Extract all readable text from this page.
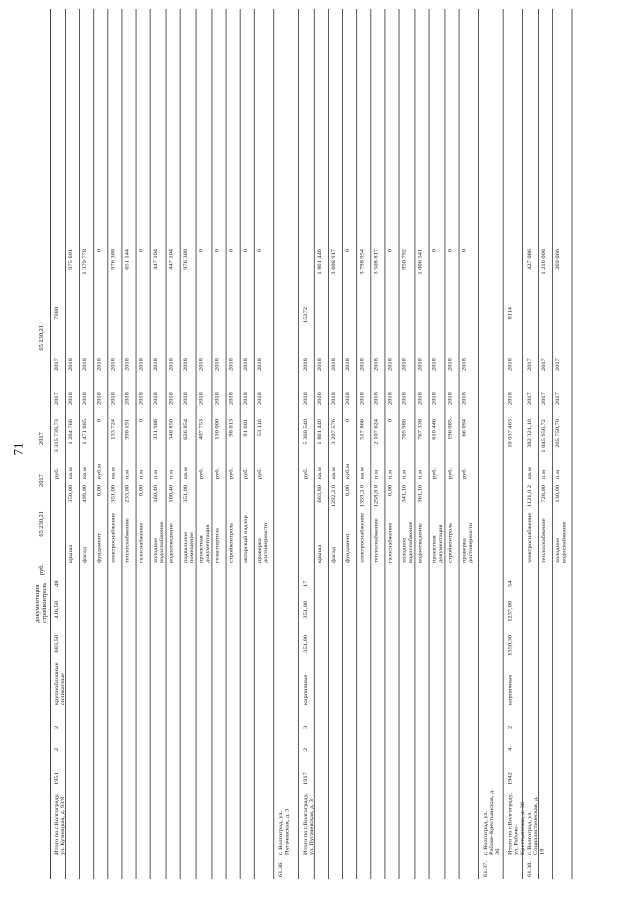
71
документация стройконтроль
руб.
65 230,21
2017
2017
65 230,21
Итого по г.Волгограду, ул. Кузнецкая, д. 93/8
1951
2
2
крупноблочные силикатные
683,50
416,50
48
руб.
3 315 739,73
2017
2017
7980
крыша
350,00
кв.м
1 264 766
2018
2018
975 601
фасад
499,00
кв.м
1 471 685
2018
2018
1 379 778
фундамент
0,00
куб.м
0
2018
2018
0
электроснабжение
351,00
кв.м
133 724
2018
2018
976 388
теплоснабжение
233,00
п.м
390 191
2018
2018
651 144
газоснабжение
0,00
п.м
0
2018
2018
0
холодное водоснабжение
160,40
п.м
331 986
2018
2018
447 104
водоотведение
160,40
п.м
340 850
2018
2018
447 104
подвальное помещение
351,00
кв.м
626 854
2018
2018
976 388
проектная документация
руб.
407 753
2018
2018
0
геэкспертиза
руб.
130 000
2018
2018
0
стройконтроль
руб.
98 013
2018
2018
0
авторский надзор
руб.
91 601
2018
2018
0
проверка достоверности
руб.
53 116
2018
2018
0
61.36.
г. Волгоград, ул. Пугачевская, д. 3 Итого по г.Волгограду, ул. Пугачевская, д. 3
1917
2
3
кирпичные
351,00
351,00
17
руб.
5 360 540
2018
2018
15272
крыша
663,80
кв.м
1 861 446
2016
2018
1 861 446
фасад
1292,2 0
кв.м
3 207 576
2018
2018
3 608 917
фундамент
0,00
куб.м
0
2018
2018
0
электроснабжение
1359,3 0
кв.м
517 866
2018
2018
3 798 954
теплоснабжение
1258,8 0
п.м
2 107 624
2018
2018
3 508 817
газоснабжение
0,00
п.м
0
2018
2018
0
холодное водоснабжение
341,10
п.м
705 988
2018
2018
950 792
водоотведение
361,10
п.м
767 338
2018
2018
1 006 541
проектная документация
руб.
610 446
2018
2018
0
стройконтроль
руб.
196 085
2018
2018
0
проверка достоверности
руб.
66 094
2018
2018
0
61.37.
г. Волгоград, ул. Рабоче-Крестьянская, д. 36 Итого по г.Волгограду, ул. Рабоче-Крестьянская, д. 36
1942
4
2
кирпичные
1350,30
1237,00
54
10 037 463
2018
2018
8114
61.38.
г. Волгоград, ул. Социалистическая, д. 18
электроснабжение
1121,0 2
кв.м
382 321,18
2017
2017
427 086
теплоснабжение
728,00
п.м
1 045 956,72
2017
2017
1 216 008
холодное водоснабжение
130,00
п.м
205 750,70
2017
2017
269 066
